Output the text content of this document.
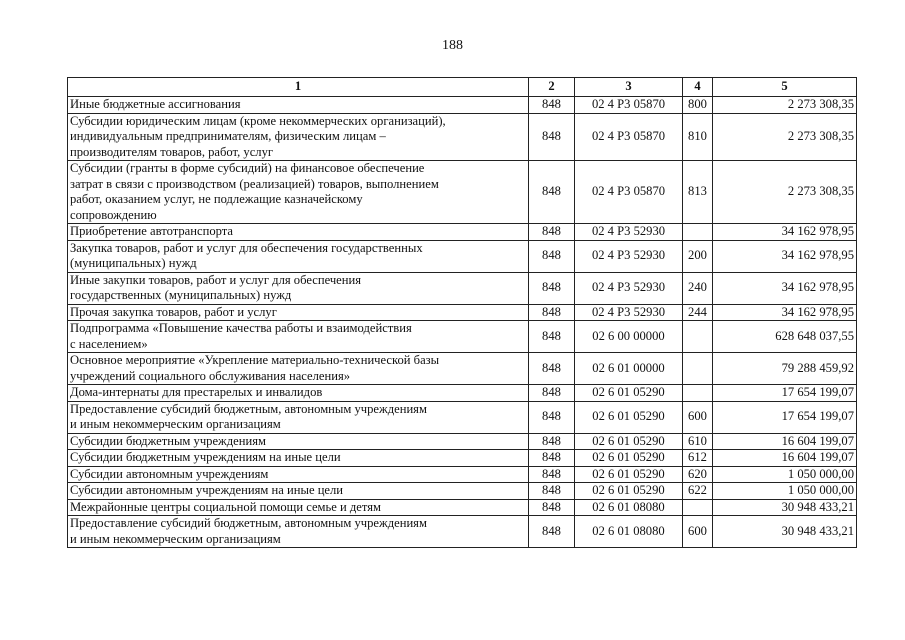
188
1	2	3	4	5

Иные бюджетные ассигнования	848	02 4 P3 05870	800	2 273 308,35

Субсидии юридическим лицам (кроме некоммерческих организаций),
индивидуальным предпринимателям, физическим лицам –
производителям товаров, работ, услуг	848	02 4 P3 05870	810	2 273 308,35

Субсидии (гранты в форме субсидий) на финансовое обеспечение
затрат в связи с производством (реализацией) товаров, выполнением
работ, оказанием услуг, не подлежащие казначейскому
сопровождению	848	02 4 P3 05870	813	2 273 308,35

Приобретение автотранспорта	848	02 4 P3 52930		34 162 978,95

Закупка товаров, работ и услуг для обеспечения государственных
(муниципальных) нужд	848	02 4 P3 52930	200	34 162 978,95

Иные закупки товаров, работ и услуг для обеспечения
государственных (муниципальных) нужд	848	02 4 P3 52930	240	34 162 978,95

Прочая закупка товаров, работ и услуг	848	02 4 P3 52930	244	34 162 978,95

Подпрограмма «Повышение качества работы и взаимодействия
с населением»	848	02 6 00 00000		628 648 037,55

Основное мероприятие «Укрепление материально-технической базы
учреждений социального обслуживания населения»	848	02 6 01 00000		79 288 459,92

Дома-интернаты для престарелых и инвалидов	848	02 6 01 05290		17 654 199,07

Предоставление субсидий бюджетным, автономным учреждениям
и иным некоммерческим организациям	848	02 6 01 05290	600	17 654 199,07

Субсидии бюджетным учреждениям	848	02 6 01 05290	610	16 604 199,07

Субсидии бюджетным учреждениям на иные цели	848	02 6 01 05290	612	16 604 199,07

Субсидии автономным учреждениям	848	02 6 01 05290	620	1 050 000,00

Субсидии автономным учреждениям на иные цели	848	02 6 01 05290	622	1 050 000,00

Межрайонные центры социальной помощи семье и детям	848	02 6 01 08080		30 948 433,21

Предоставление субсидий бюджетным, автономным учреждениям
и иным некоммерческим организациям	848	02 6 01 08080	600	30 948 433,21
